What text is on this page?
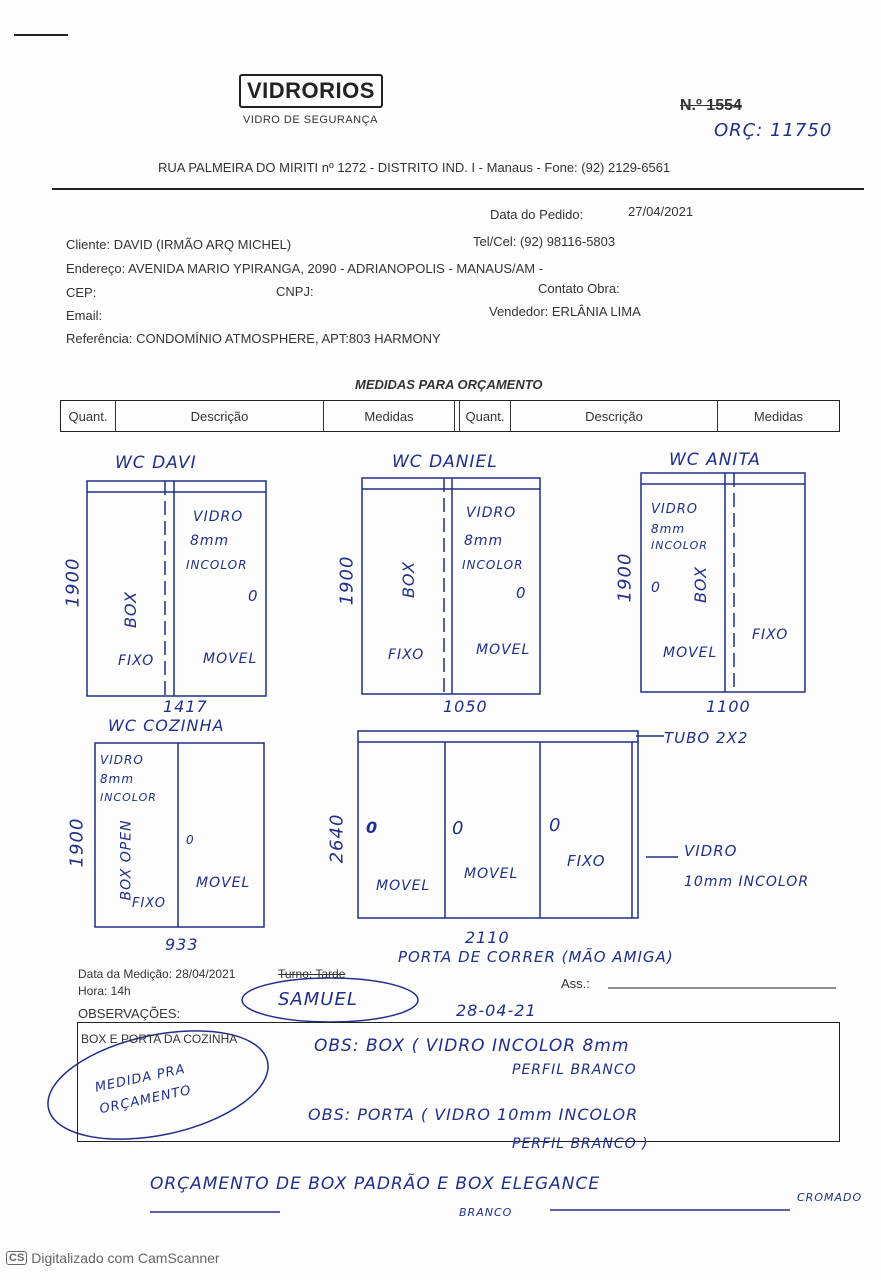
VIDRORIOS
VIDRO DE SEGURANÇA
N.º 1554
ORÇ: 11750
RUA PALMEIRA DO MIRITI nº 1272 - DISTRITO IND. I - Manaus - Fone: (92) 2129-6561
Data do Pedido:	27/04/2021
Cliente: DAVID (IRMÃO ARQ MICHEL)	Tel/Cel: (92) 98116-5803
Endereço: AVENIDA MARIO YPIRANGA, 2090 - ADRIANOPOLIS - MANAUS/AM -
CEP:	CNPJ:	Contato Obra:
Email:	Vendedor: ERLÂNIA LIMA
Referência: CONDOMÍNIO ATMOSPHERE, APT:803 HARMONY
MEDIDAS PARA ORÇAMENTO
Quant.	Descrição	Medidas	Quant.	Descrição	Medidas
WC DAVI
1900
BOX
FIXO
VIDRO
8mm
INCOLOR
0
MOVEL
1417
WC DANIEL
1900	BOX
FIXO
VIDRO
8mm
INCOLOR
0
MOVEL
1050
WC ANITA
1900	BOX
FIXO
VIDRO
8mm
INCOLOR
0
MOVEL
1100
WC COZINHA
1900 BOX OPEN
FIXO
VIDRO
8mm
INCOLOR
0
MOVEL
933
2640
TUBO 2X2
0	0	0
MOVEL
MOVEL
FIXO
VIDRO
10mm INCOLOR
2110
Data da Medição: 28/04/2021	Turno: Tarde
Hora: 14h
PORTA DE CORRER (MÃO AMIGA)
Ass.:
SAMUEL
28-04-21
OBSERVAÇÕES:
BOX E PORTA DA COZINHA
MEDIDA PRA ORÇAMENTO
OBS: BOX ( VIDRO INCOLOR 8mm
PERFIL BRANCO
OBS: PORTA ( VIDRO 10mm INCOLOR
PERFIL BRANCO )
ORÇAMENTO DE BOX PADRÃO E BOX ELEGANCE
BRANCO
CROMADO
CS Digitalizado com CamScanner
